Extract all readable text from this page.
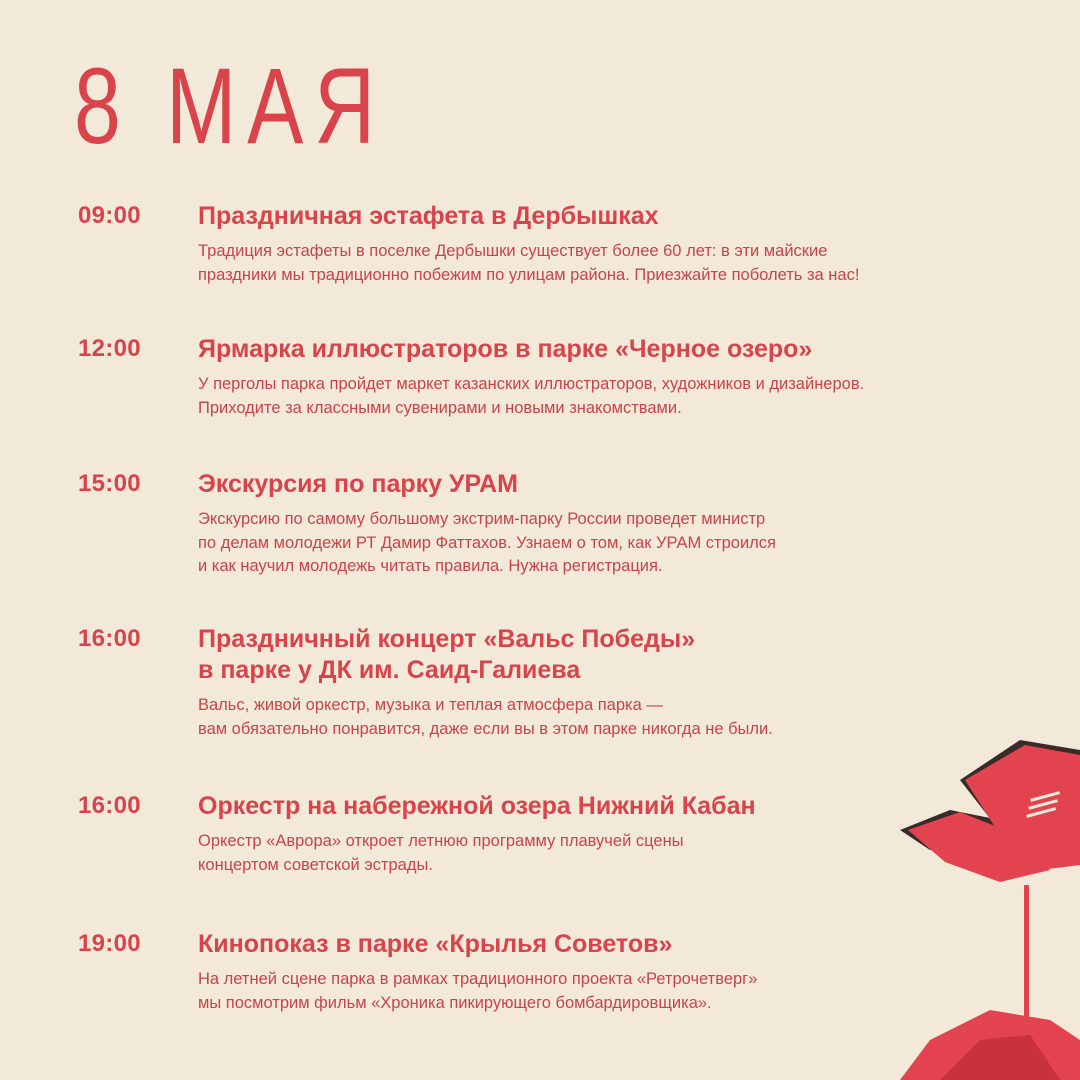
8 МАЯ
09:00 Праздничная эстафета в Дербышках
Традиция эстафеты в поселке Дербышки существует более 60 лет: в эти майские
праздники мы традиционно побежим по улицам района. Приезжайте поболеть за нас!
12:00 Ярмарка иллюстраторов в парке «Черное озеро»
У перголы парка пройдет маркет казанских иллюстраторов, художников и дизайнеров.
Приходите за классными сувенирами и новыми знакомствами.
15:00 Экскурсия по парку УРАМ
Экскурсию по самому большому экстрим-парку России проведет министр
по делам молодежи РТ Дамир Фаттахов. Узнаем о том, как УРАМ строился
и как научил молодежь читать правила. Нужна регистрация.
16:00 Праздничный концерт «Вальс Победы»
в парке у ДК им. Саид-Галиева
Вальс, живой оркестр, музыка и теплая атмосфера парка —
вам обязательно понравится, даже если вы в этом парке никогда не были.
16:00 Оркестр на набережной озера Нижний Кабан
Оркестр «Аврора» откроет летнюю программу плавучей сцены
концертом советской эстрады.
19:00 Кинопоказ в парке «Крылья Советов»
На летней сцене парка в рамках традиционного проекта «Ретрочетверг»
мы посмотрим фильм «Хроника пикирующего бомбардировщика».
